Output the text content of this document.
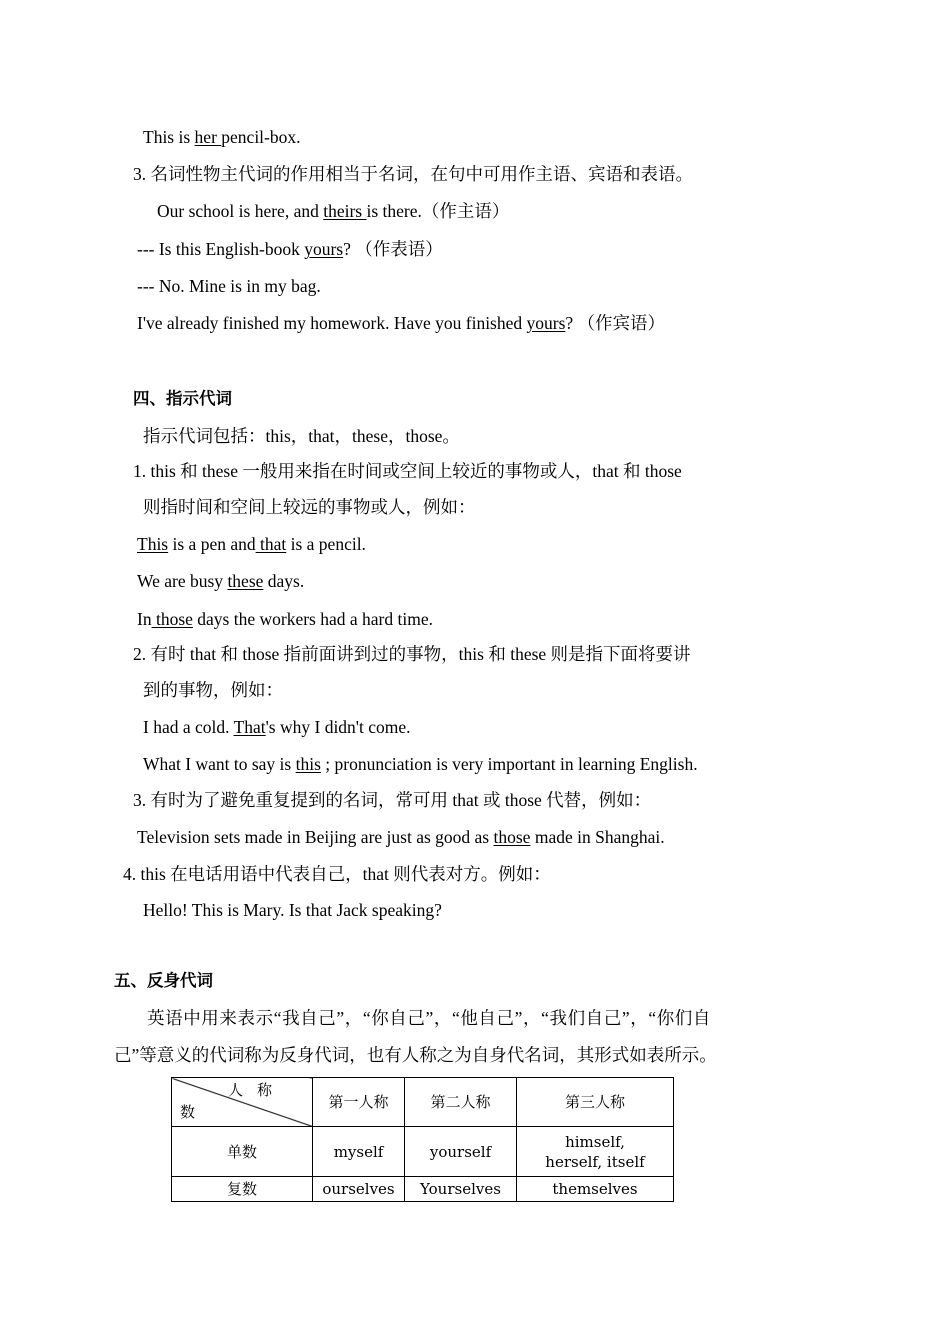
This is her pencil-box.
3. 名词性物主代词的作用相当于名词，在句中可用作主语、宾语和表语。
Our school is here, and theirs is there.（作主语）
--- Is this English-book yours? （作表语）
--- No. Mine is in my bag.
I've already finished my homework. Have you finished yours? （作宾语）
四、指示代词
指示代词包括：this，that，these，those。
1. this 和 these 一般用来指在时间或空间上较近的事物或人，that 和 those
则指时间和空间上较远的事物或人，例如：
This is a pen and that is a pencil.
We are busy these days.
In those days the workers had a hard time.
2. 有时 that 和 those 指前面讲到过的事物，this 和 these 则是指下面将要讲
到的事物，例如：
I had a cold. That's why I didn't come.
What I want to say is this ; pronunciation is very important in learning English.
3. 有时为了避免重复提到的名词，常可用 that 或 those 代替，例如：
Television sets made in Beijing are just as good as those made in Shanghai.
4. this 在电话用语中代表自己，that 则代表对方。例如：
Hello! This is Mary. Is that Jack speaking?
五、反身代词
英语中用来表示“我自己”，“你自己”，“他自己”，“我们自己”，“你们自
己”等意义的代词称为反身代词，也有人称之为自身代名词，其形式如表所示。
人称
数	第一人称	第二人称	第三人称
单数	myself	yourself	himself, herself, itself
复数	ourselves	Yourselves	themselves
